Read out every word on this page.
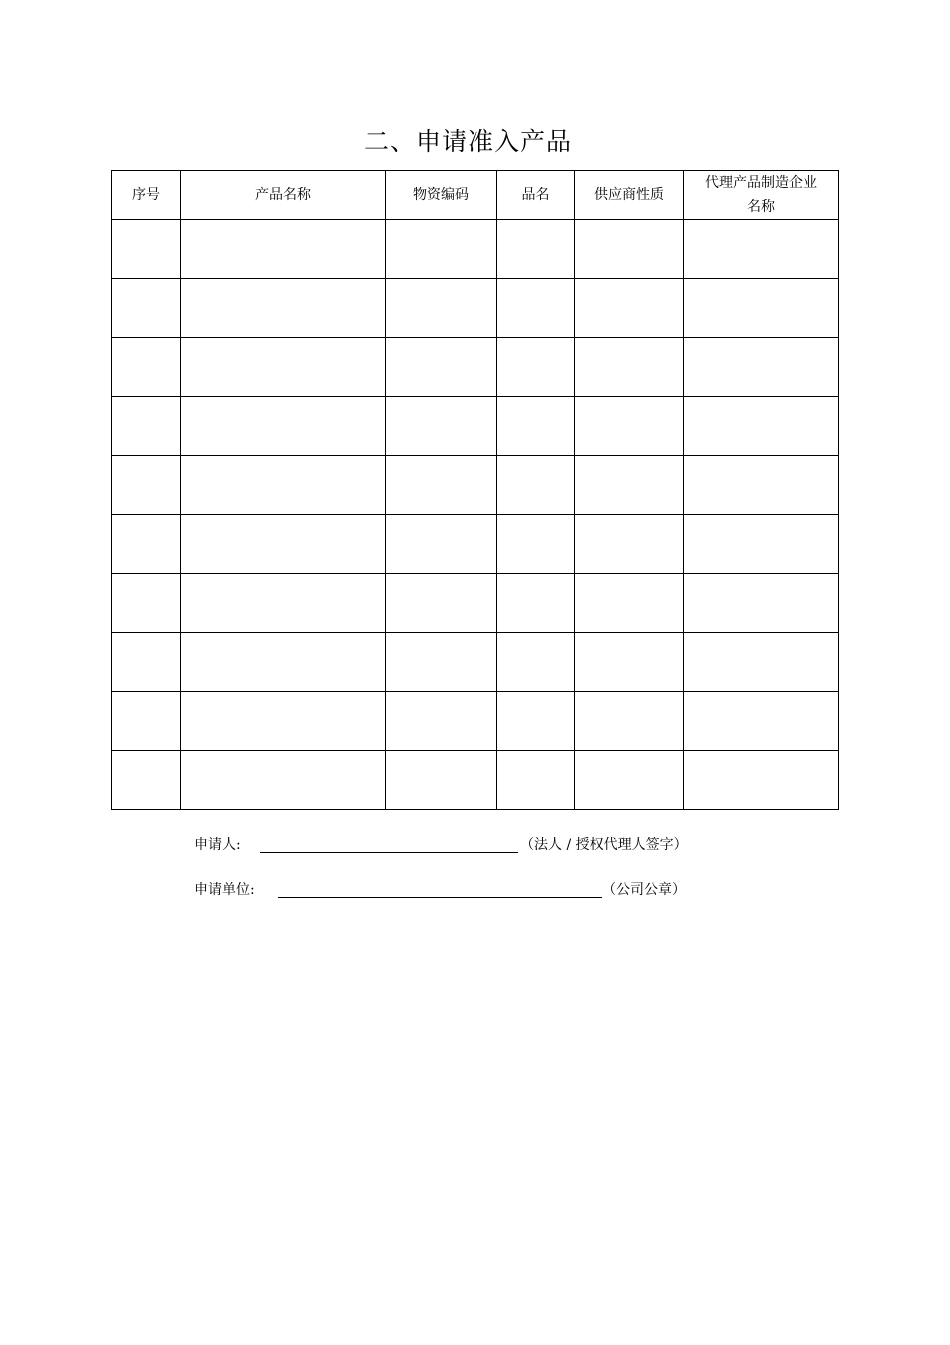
二、申请准入产品
序号	产品名称	物资编码	品名	供应商性质	代理产品制造企业
名称

申请人:	（法人 / 授权代理人签字）
申请单位:	（公司公章）
